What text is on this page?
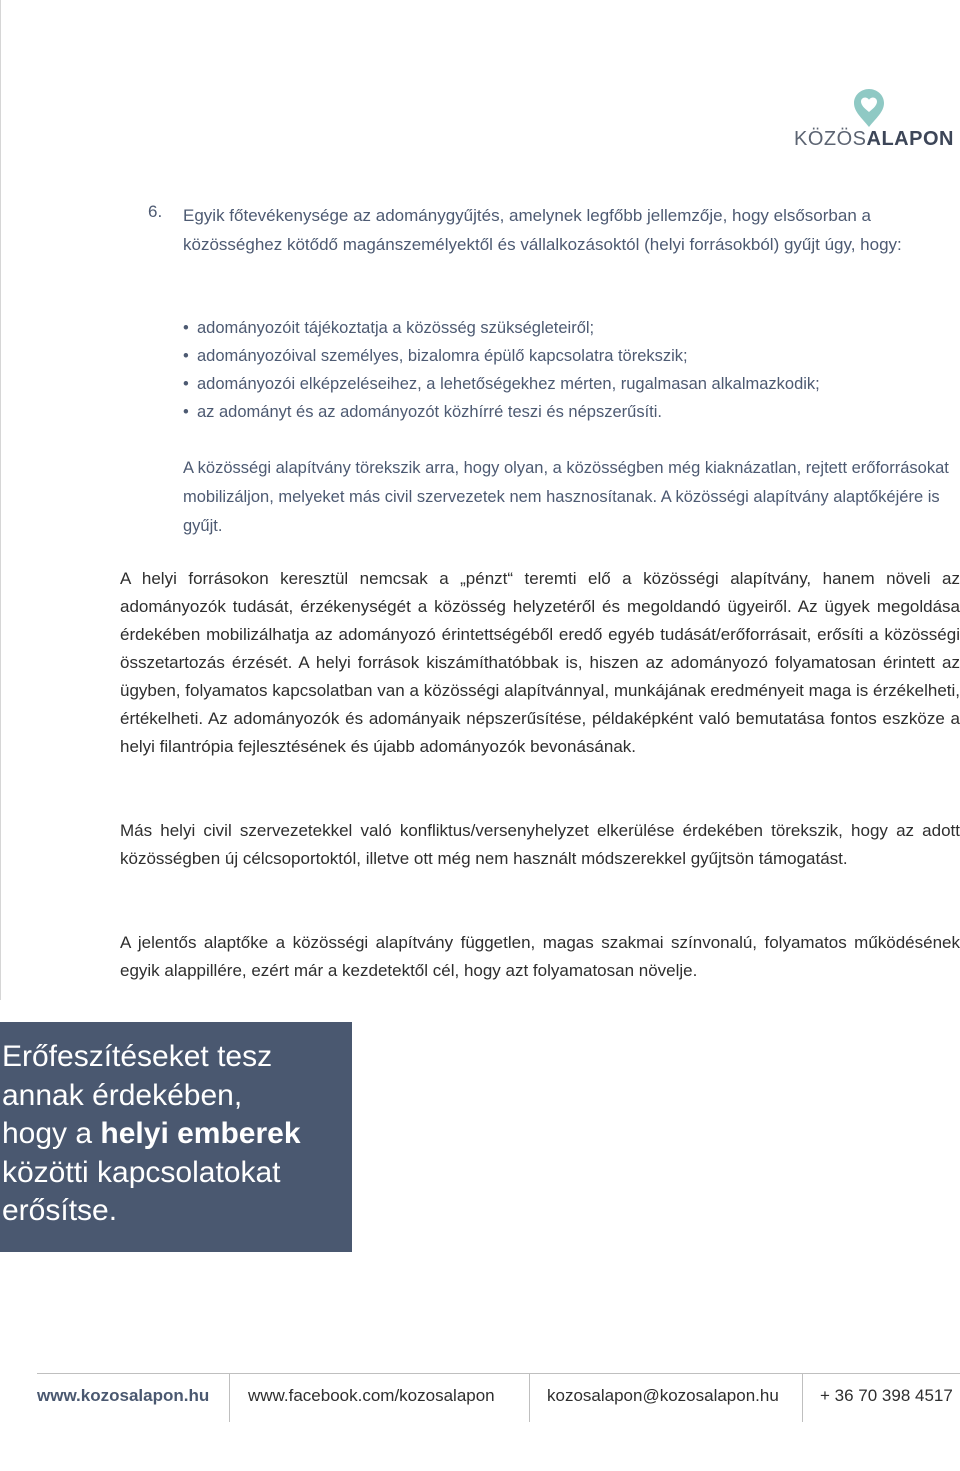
KÖZÖSALAPON
6. Egyik főtevékenysége az adománygyűjtés, amelynek legfőbb jellemzője, hogy elsősorban a közösséghez kötődő magánszemélyektől és vállalkozásoktól (helyi forrásokból) gyűjt úgy, hogy:
• adományozóit tájékoztatja a közösség szükségleteiről;
• adományozóival személyes, bizalomra épülő kapcsolatra törekszik;
• adományozói elképzeléseihez, a lehetőségekhez mérten, rugalmasan alkalmazkodik;
• az adományt és az adományozót közhírré teszi és népszerűsíti.
A közösségi alapítvány törekszik arra, hogy olyan, a közösségben még kiaknázatlan, rejtett erőforrásokat mobilizáljon, melyeket más civil szervezetek nem hasznosítanak. A közösségi alapítvány alaptőkéjére is gyűjt.
A helyi forrásokon keresztül nemcsak a „pénzt“ teremti elő a közösségi alapítvány, hanem növeli az adományozók tudását, érzékenységét a közösség helyzetéről és megoldandó ügyeiről. Az ügyek megoldása érdekében mobilizálhatja az adományozó érintettségéből eredő egyéb tudását/erőforrásait, erősíti a közösségi összetartozás érzését. A helyi források kiszámíthatóbbak is, hiszen az adományozó folyamatosan érintett az ügyben, folyamatos kapcsolatban van a közösségi alapítvánnyal, munkájának eredményeit maga is érzékelheti, értékelheti. Az adományozók és adományaik népszerűsítése, példaképként való bemutatása fontos eszköze a helyi filantrópia fejlesztésének és újabb adományozók bevonásának.
Más helyi civil szervezetekkel való konfliktus/versenyhelyzet elkerülése érdekében törekszik, hogy az adott közösségben új célcsoportoktól, illetve ott még nem használt módszerekkel gyűjtsön támogatást.
A jelentős alaptőke a közösségi alapítvány független, magas szakmai színvonalú, folyamatos működésének egyik alappillére, ezért már a kezdetektől cél, hogy azt folyamatosan növelje.
Erőfeszítéseket tesz
annak érdekében,
hogy a helyi emberek
közötti kapcsolatokat
erősítse.
www.kozosalapon.hu www.facebook.com/kozosalapon	kozosalapon@kozosalapon.hu + 36 70 398 4517
